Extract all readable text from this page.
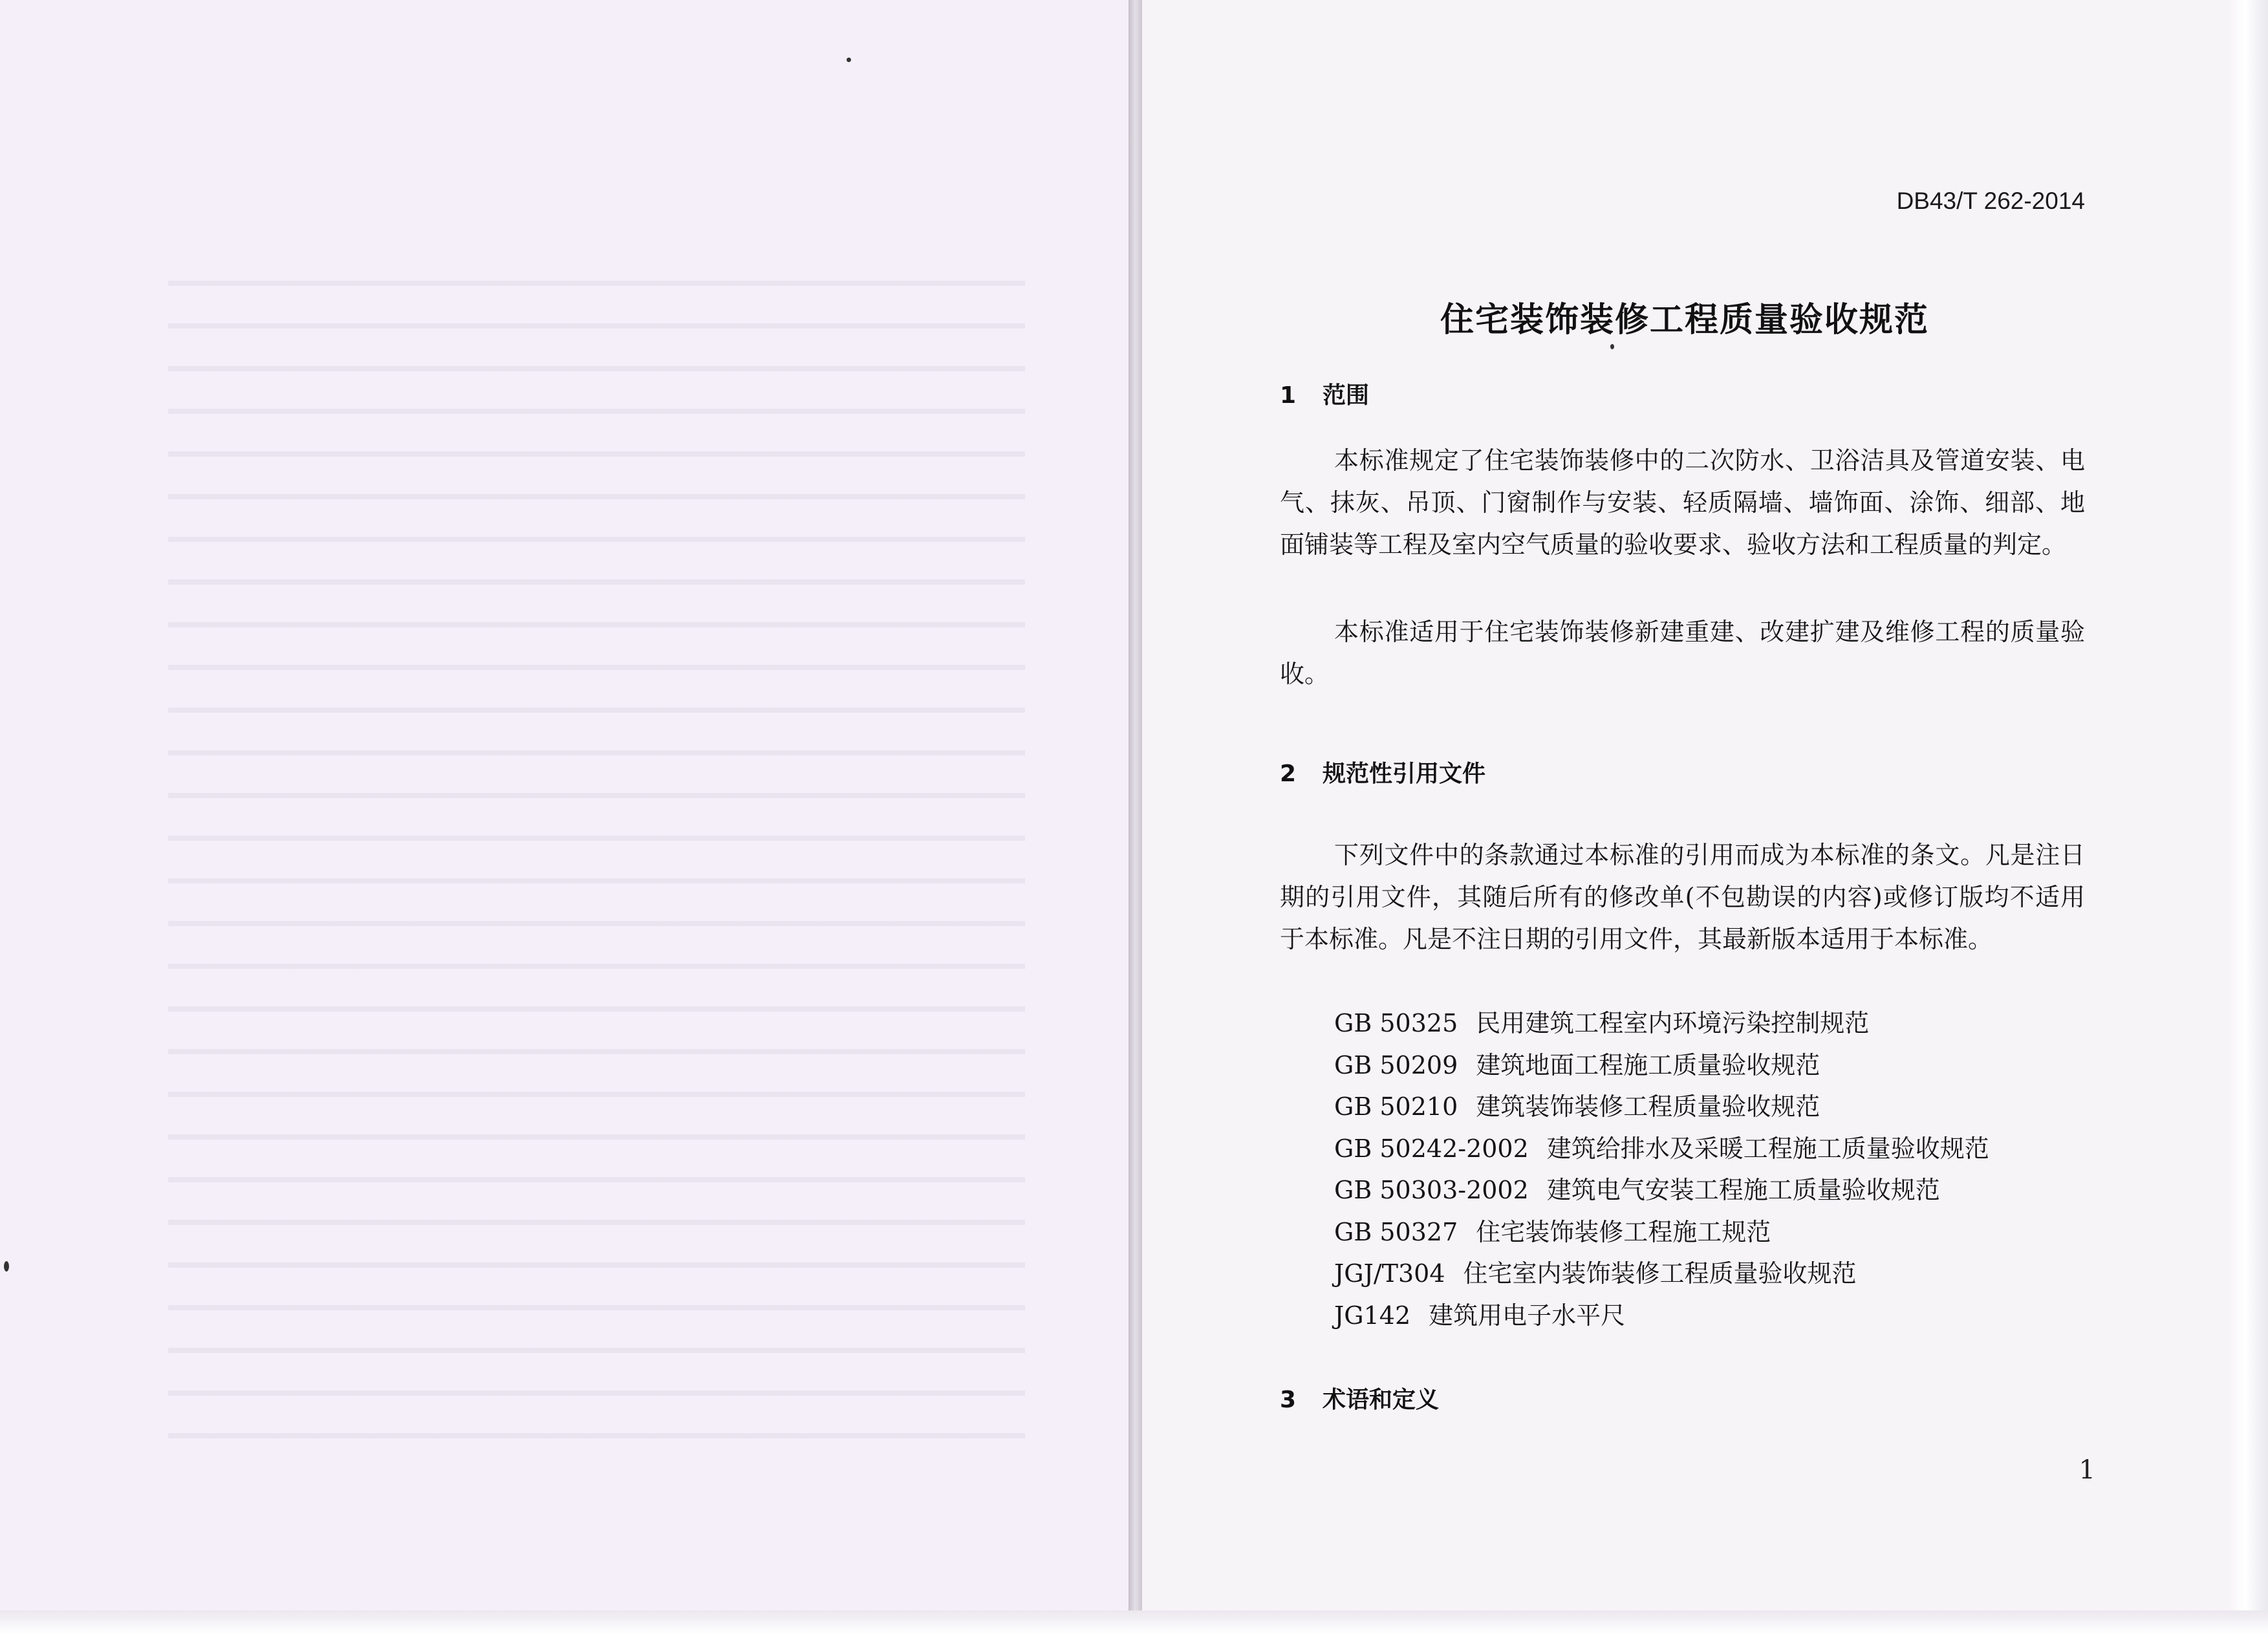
DB43/T 262-2014
住宅装饰装修工程质量验收规范
1 范围

本标准规定了住宅装饰装修中的二次防水、卫浴洁具及管道安装、电气、抹灰、吊顶、门窗制作与安装、轻质隔墙、墙饰面、涂饰、细部、地面铺装等工程及室内空气质量的验收要求、验收方法和工程质量的判定。

本标准适用于住宅装饰装修新建重建、改建扩建及维修工程的质量验收。

2 规范性引用文件

下列文件中的条款通过本标准的引用而成为本标准的条文。凡是注日期的引用文件，其随后所有的修改单(不包勘误的内容)或修订版均不适用于本标准。凡是不注日期的引用文件，其最新版本适用于本标准。

GB 50325 民用建筑工程室内环境污染控制规范
GB 50209 建筑地面工程施工质量验收规范
GB 50210 建筑装饰装修工程质量验收规范
GB 50242-2002 建筑给排水及采暖工程施工质量验收规范
GB 50303-2002 建筑电气安装工程施工质量验收规范
GB 50327 住宅装饰装修工程施工规范
JGJ/T304 住宅室内装饰装修工程质量验收规范
JG142 建筑用电子水平尺
3 术语和定义
1
